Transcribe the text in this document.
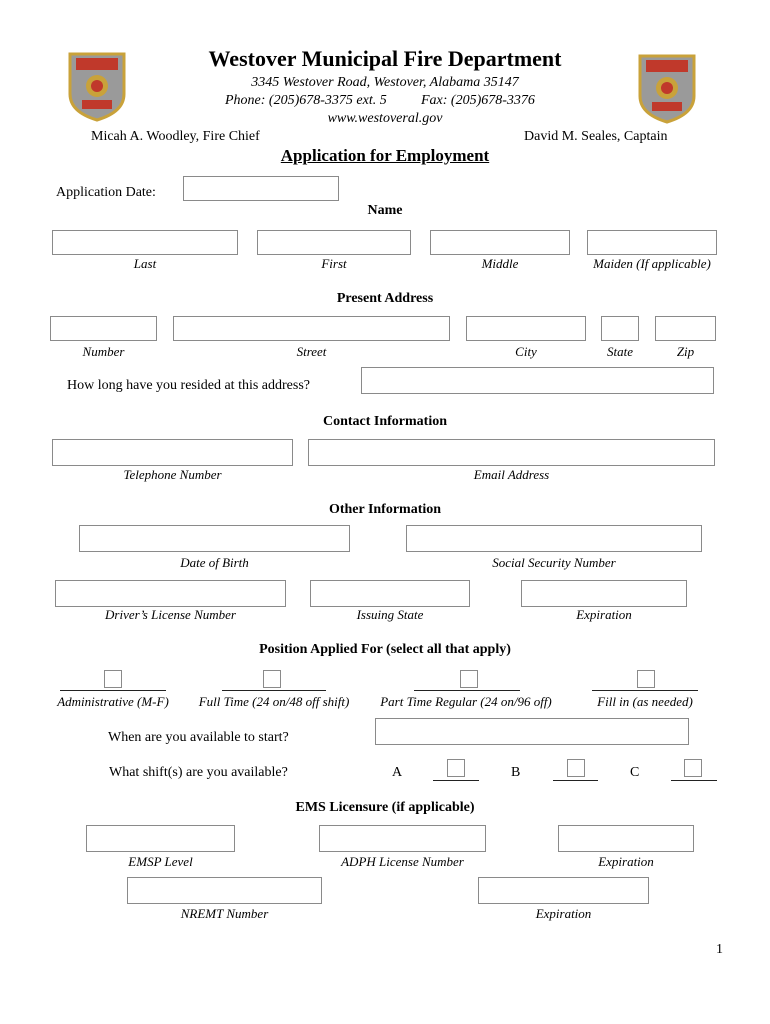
Westover Municipal Fire Department
3345 Westover Road, Westover, Alabama 35147
Phone: (205)678-3375 ext. 5	Fax: (205)678-3376
www.westoveral.gov
Micah A. Woodley, Fire Chief	David M. Seales, Captain
Application for Employment
Application Date:
Name
Last	First	Middle	Maiden (If applicable)
Present Address
Number	Street	City	State	Zip
How long have you resided at this address?
Contact Information
Telephone Number	Email Address
Other Information
Date of Birth	Social Security Number
Driver’s License Number	Issuing State	Expiration
Position Applied For (select all that apply)
Administrative (M-F)	Full Time (24 on/48 off shift)	Part Time Regular (24 on/96 off)	Fill in (as needed)
When are you available to start?
What shift(s) are you available?	A	B	C
EMS Licensure (if applicable)
EMSP Level	ADPH License Number	Expiration
NREMT Number	Expiration
1
